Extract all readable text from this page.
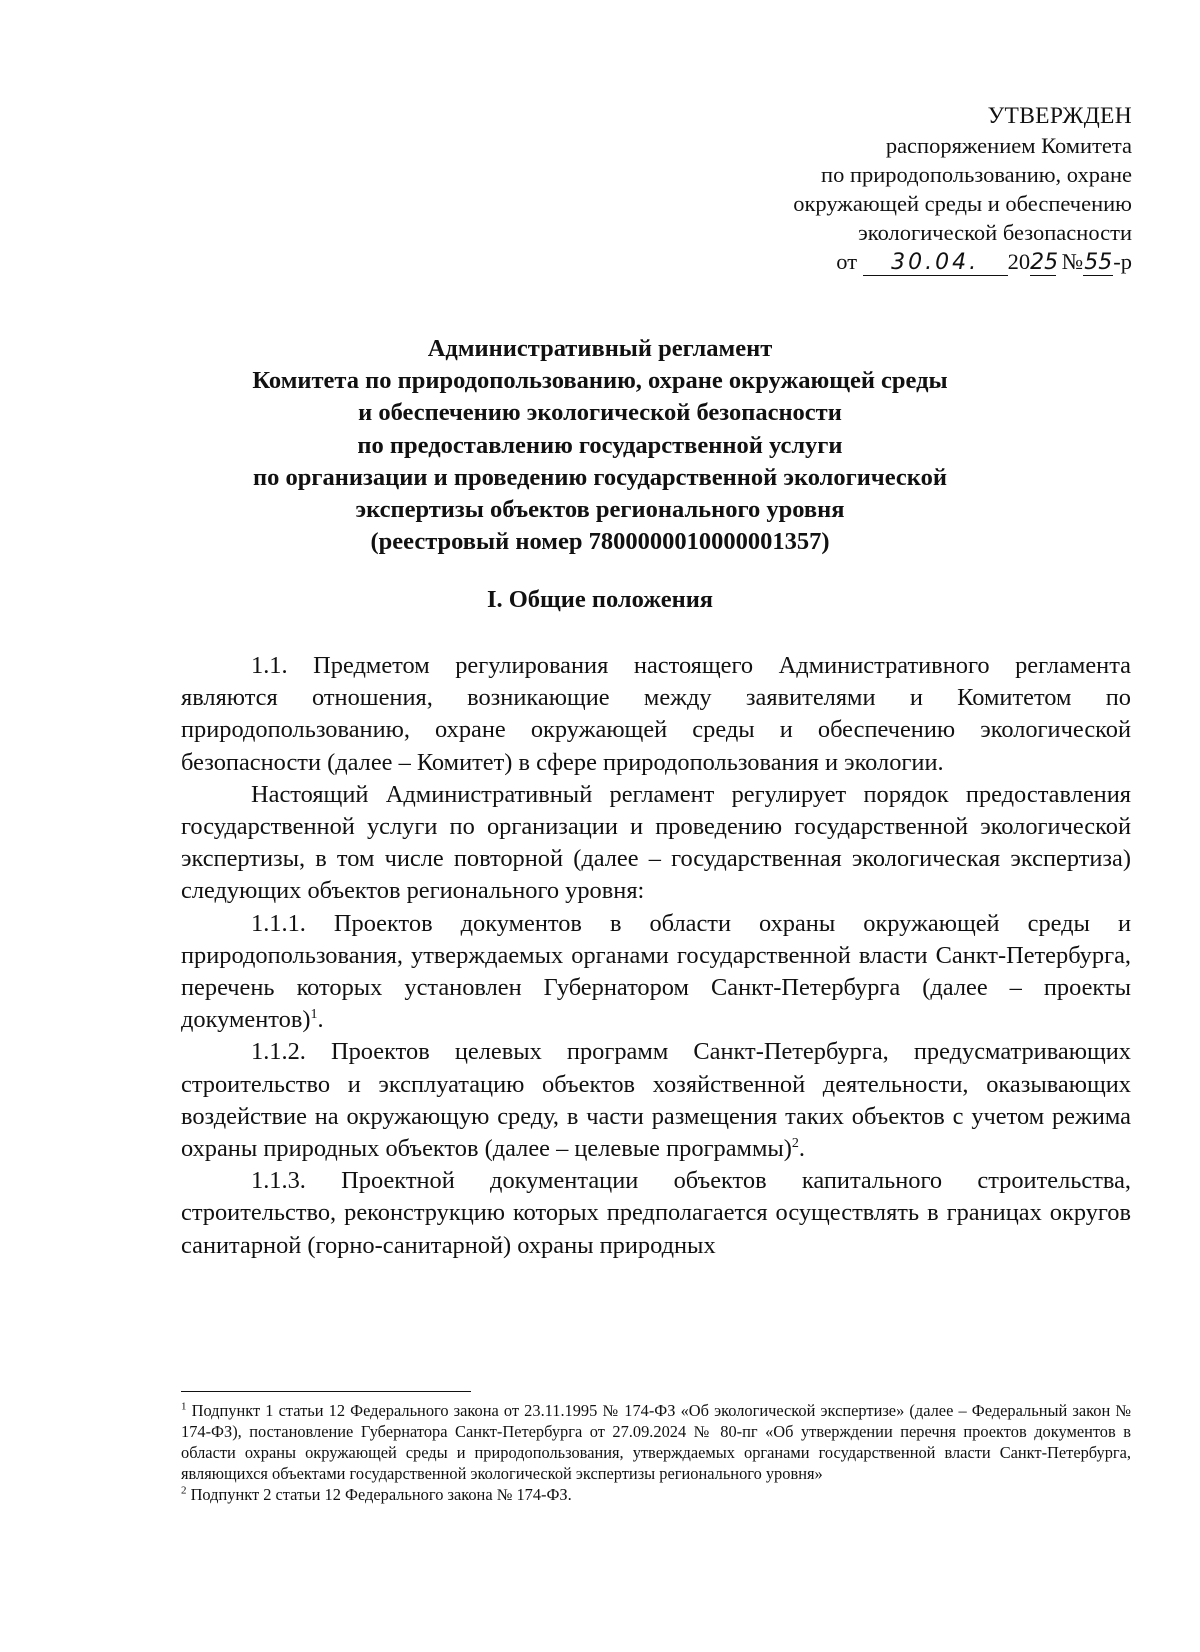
УТВЕРЖДЕН
распоряжением Комитета
по природопользованию, охране
окружающей среды и обеспечению
экологической безопасности
от 30.04. 2025 №55-р
Административный регламент
Комитета по природопользованию, охране окружающей среды
и обеспечению экологической безопасности
по предоставлению государственной услуги
по организации и проведению государственной экологической
экспертизы объектов регионального уровня
(реестровый номер 7800000010000001357)
I. Общие положения

1.1. Предметом регулирования настоящего Административного регламента являются отношения, возникающие между заявителями и Комитетом по природопользованию, охране окружающей среды и обеспечению экологической безопасности (далее – Комитет) в сфере природопользования и экологии.

Настоящий Административный регламент регулирует порядок предоставления государственной услуги по организации и проведению государственной экологической экспертизы, в том числе повторной (далее – государственная экологическая экспертиза) следующих объектов регионального уровня:

1.1.1. Проектов документов в области охраны окружающей среды и природопользования, утверждаемых органами государственной власти Санкт-Петербурга, перечень которых установлен Губернатором Санкт-Петербурга (далее – проекты документов)$^1$.

1.1.2. Проектов целевых программ Санкт-Петербурга, предусматривающих строительство и эксплуатацию объектов хозяйственной деятельности, оказывающих воздействие на окружающую среду, в части размещения таких объектов с учетом режима охраны природных объектов (далее – целевые программы)$^2$.

1.1.3. Проектной документации объектов капитального строительства, строительство, реконструкцию которых предполагается осуществлять в границах округов санитарной (горно-санитарной) охраны природных

$^1$ Подпункт 1 статьи 12 Федерального закона от 23.11.1995 № 174-ФЗ «Об экологической экспертизе» (далее – Федеральный закон № 174-ФЗ), постановление Губернатора Санкт-Петербурга от 27.09.2024 № 80-пг «Об утверждении перечня проектов документов в области охраны окружающей среды и природопользования, утверждаемых органами государственной власти Санкт-Петербурга, являющихся объектами государственной экологической экспертизы регионального уровня»

$^2$ Подпункт 2 статьи 12 Федерального закона № 174-ФЗ.
